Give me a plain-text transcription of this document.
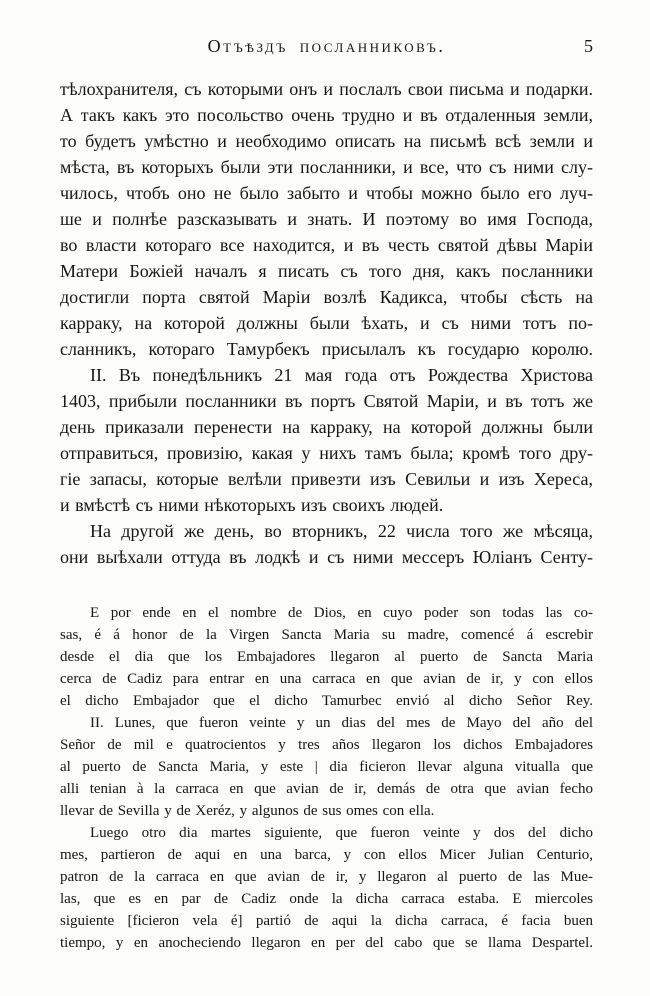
Отъѣздъ посланниковъ.	5
тѣлохранителя, съ которыми онъ и послалъ свои письма и подарки.
А такъ какъ это посольство очень трудно и въ отдаленныя земли,
то будетъ умѣстно и необходимо описать на письмѣ всѣ земли и
мѣста, въ которыхъ были эти посланники, и все, что съ ними слу-
чилось, чтобъ оно не было забыто и чтобы можно было его луч-
ше и полнѣе разсказывать и знать. И поэтому во имя Господа,
во власти котораго все находится, и въ честь святой дѣвы Маріи
Матери Божіей началъ я писать съ того дня, какъ посланники
достигли порта святой Маріи возлѣ Кадикса, чтобы сѣсть на
карраку, на которой должны были ѣхать, и съ ними тотъ по-
сланникъ, котораго Тамурбекъ присылалъ къ государю королю.
II. Въ понедѣльникъ 21 мая года отъ Рождества Христова
1403, прибыли посланники въ портъ Святой Маріи, и въ тотъ же
день приказали перенести на карраку, на которой должны были
отправиться, провизію, какая у нихъ тамъ была; кромѣ того дру-
гіе запасы, которые велѣли привезти изъ Севильи и изъ Хереса,
и вмѣстѣ съ ними нѣкоторыхъ изъ своихъ людей.
На другой же день, во вторникъ, 22 числа того же мѣсяца,
они выѣхали оттуда въ лодкѣ и съ ними мессеръ Юліанъ Сенту-
E por ende en el nombre de Dios, en cuyo poder son todas las co-
sas, é á honor de la Virgen Sancta Maria su madre, comencé á escrebir
desde el dia que los Embajadores llegaron al puerto de Sancta Maria
cerca de Cadiz para entrar en una carraca en que avian de ir, y con ellos
el dicho Embajador que el dicho Tamurbec envió al dicho Señor Rey.
II. Lunes, que fueron veinte y un dias del mes de Mayo del año del
Señor de mil e quatrocientos y tres años llegaron los dichos Embajadores
al puerto de Sancta Maria, y este | dia ficieron llevar alguna vitualla que
alli tenian à la carraca en que avian de ir, demás de otra que avian fecho
llevar de Sevilla y de Xeréz, y algunos de sus omes con ella.
Luego otro dia martes siguiente, que fueron veinte y dos del dicho
mes, partieron de aqui en una barca, y con ellos Micer Julian Centurio,
patron de la carraca en que avian de ir, y llegaron al puerto de las Mue-
las, que es en par de Cadiz onde la dicha carraca estaba. E miercoles
siguiente [ficieron vela é] partió de aqui la dicha carraca, é facia buen
tiempo, y en anocheciendo llegaron en per del cabo que se llama Despartel.
